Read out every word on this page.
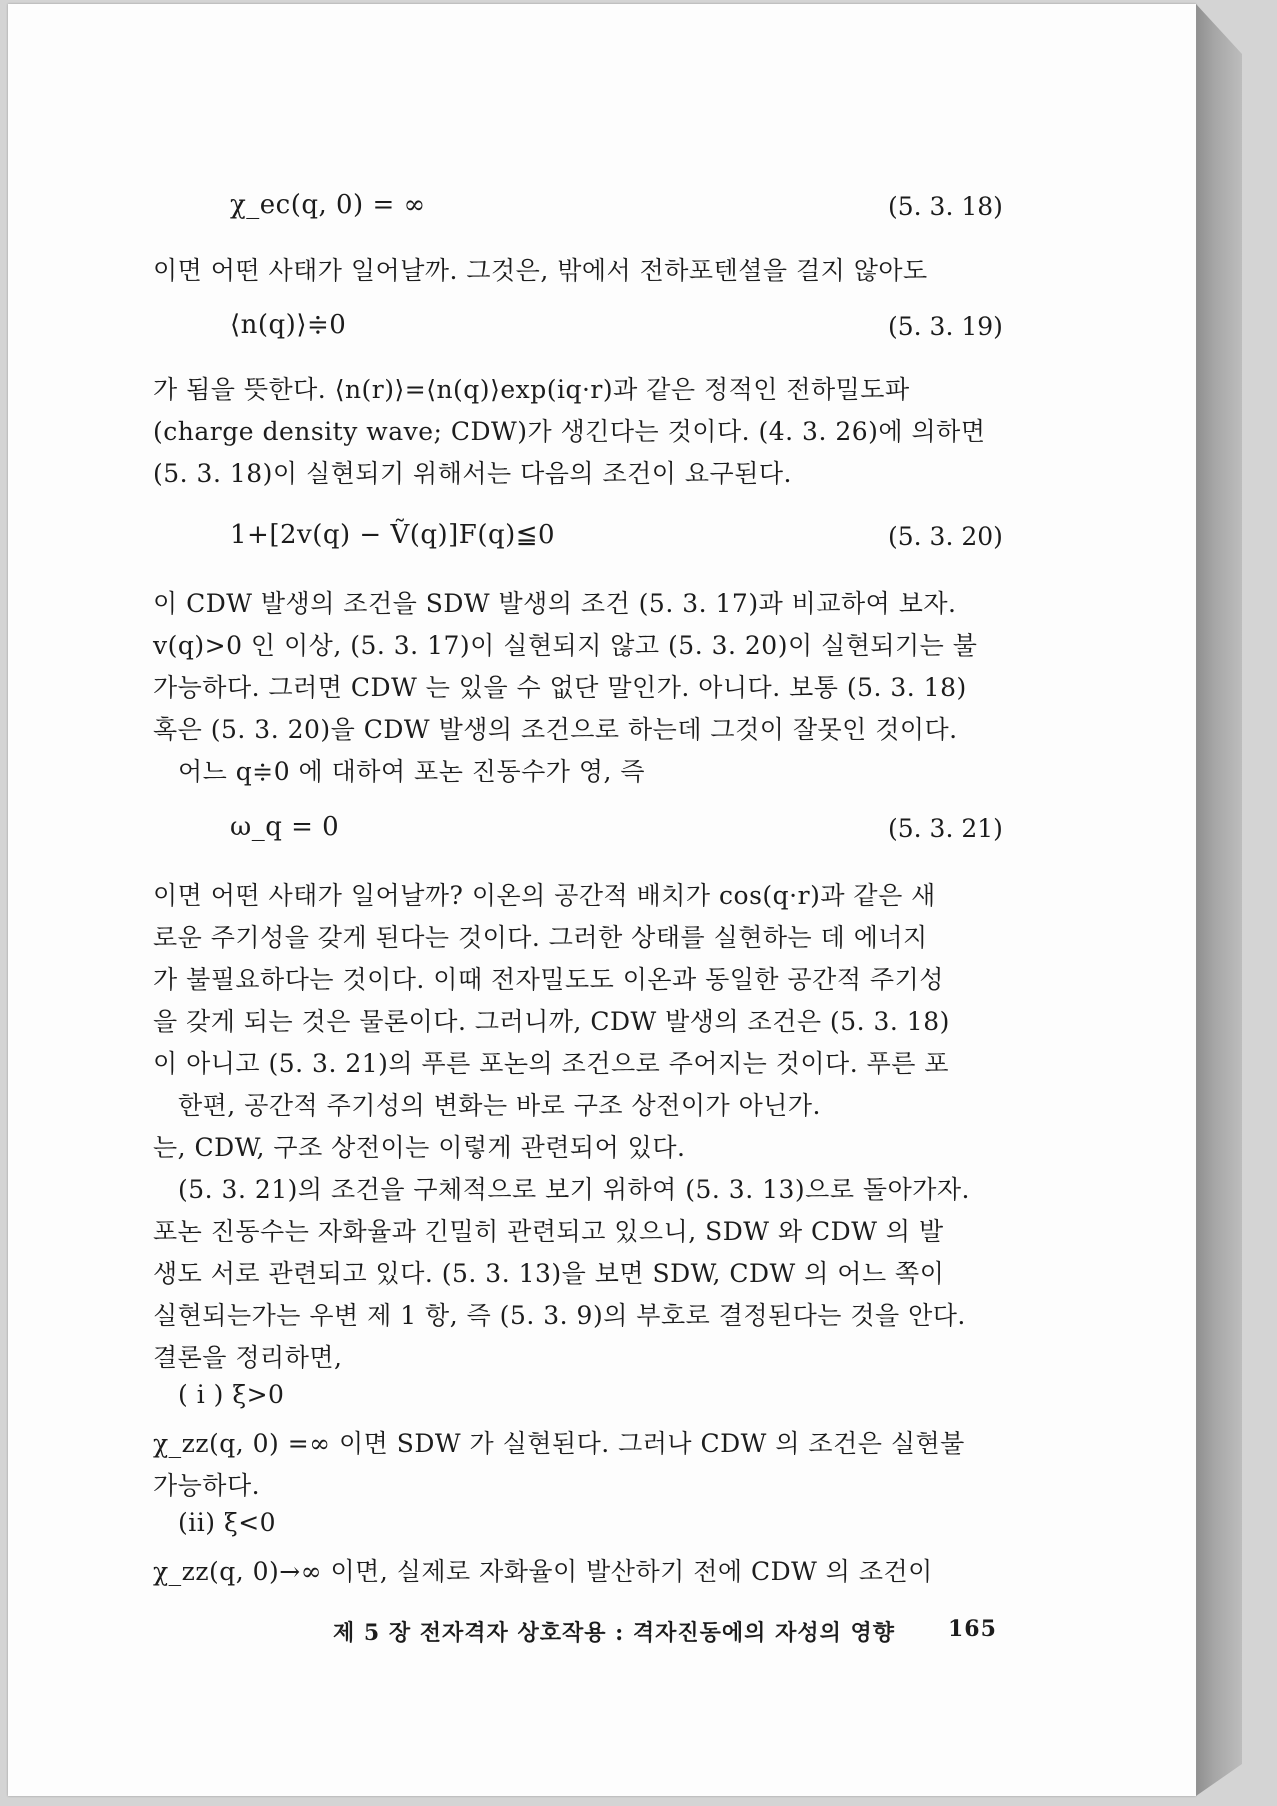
χ_ec(q, 0) = ∞	(5. 3. 18)
이면 어떤 사태가 일어날까. 그것은, 밖에서 전하포텐셜을 걸지 않아도
⟨n(q)⟩≑0	(5. 3. 19)
가 됨을 뜻한다. ⟨n(r)⟩=⟨n(q)⟩exp(iq·r)과 같은 정적인 전하밀도파
(charge density wave; CDW)가 생긴다는 것이다. (4. 3. 26)에 의하면
(5. 3. 18)이 실현되기 위해서는 다음의 조건이 요구된다.
1+[2v(q) − Ṽ(q)]F(q)≦0	(5. 3. 20)
이 CDW 발생의 조건을 SDW 발생의 조건 (5. 3. 17)과 비교하여 보자.
v(q)>0 인 이상, (5. 3. 17)이 실현되지 않고 (5. 3. 20)이 실현되기는 불
가능하다. 그러면 CDW 는 있을 수 없단 말인가. 아니다. 보통 (5. 3. 18)
혹은 (5. 3. 20)을 CDW 발생의 조건으로 하는데 그것이 잘못인 것이다.
어느 q≑0 에 대하여 포논 진동수가 영, 즉
ω_q = 0	(5. 3. 21)
이면 어떤 사태가 일어날까? 이온의 공간적 배치가 cos(q·r)과 같은 새
로운 주기성을 갖게 된다는 것이다. 그러한 상태를 실현하는 데 에너지
가 불필요하다는 것이다. 이때 전자밀도도 이온과 동일한 공간적 주기성
을 갖게 되는 것은 물론이다. 그러니까, CDW 발생의 조건은 (5. 3. 18)
이 아니고 (5. 3. 21)의 푸른 포논의 조건으로 주어지는 것이다. 푸른 포
한편, 공간적 주기성의 변화는 바로 구조 상전이가 아닌가.
는, CDW, 구조 상전이는 이렇게 관련되어 있다.
(5. 3. 21)의 조건을 구체적으로 보기 위하여 (5. 3. 13)으로 돌아가자.
포논 진동수는 자화율과 긴밀히 관련되고 있으니, SDW 와 CDW 의 발
생도 서로 관련되고 있다. (5. 3. 13)을 보면 SDW, CDW 의 어느 쪽이
실현되는가는 우변 제 1 항, 즉 (5. 3. 9)의 부호로 결정된다는 것을 안다.
결론을 정리하면,
( i ) ξ>0
χ_zz(q, 0) =∞ 이면 SDW 가 실현된다. 그러나 CDW 의 조건은 실현불
가능하다.
(ii) ξ<0
χ_zz(q, 0)→∞ 이면, 실제로 자화율이 발산하기 전에 CDW 의 조건이
제 5 장 전자격자 상호작용 : 격자진동에의 자성의 영향 165
